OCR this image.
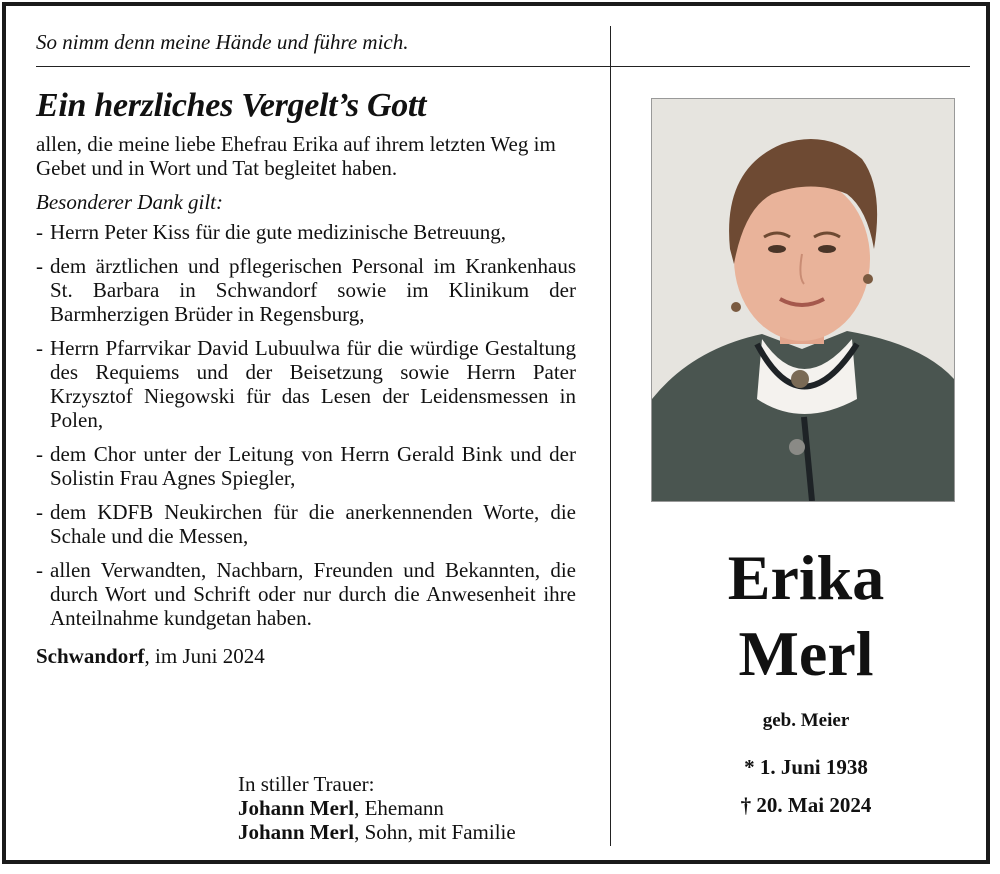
So nimm denn meine Hände und führe mich.
Ein herzliches Vergelt’s Gott

allen, die meine liebe Ehefrau Erika auf ihrem letzten Weg im Gebet und in Wort und Tat begleitet haben.

Besonderer Dank gilt:

- Herrn Peter Kiss für die gute medizinische Betreuung,
- dem ärztlichen und pflegerischen Personal im Krankenhaus St. Barbara in Schwandorf sowie im Klinikum der Barmherzigen Brüder in Regensburg,
- Herrn Pfarrvikar David Lubuulwa für die würdige Gestaltung des Requiems und der Beisetzung sowie Herrn Pater Krzysztof Niegowski für das Lesen der Leidensmessen in Polen,
- dem Chor unter der Leitung von Herrn Gerald Bink und der Solistin Frau Agnes Spiegler,
- dem KDFB Neukirchen für die anerkennenden Worte, die Schale und die Messen,
- allen Verwandten, Nachbarn, Freunden und Bekannten, die durch Wort und Schrift oder nur durch die Anwesenheit ihre Anteilnahme kundgetan haben.
Schwandorf, im Juni 2024
In stiller Trauer:
Johann Merl, Ehemann
Johann Merl, Sohn, mit Familie
Erika
Merl
geb. Meier
* 1. Juni 1938
† 20. Mai 2024
